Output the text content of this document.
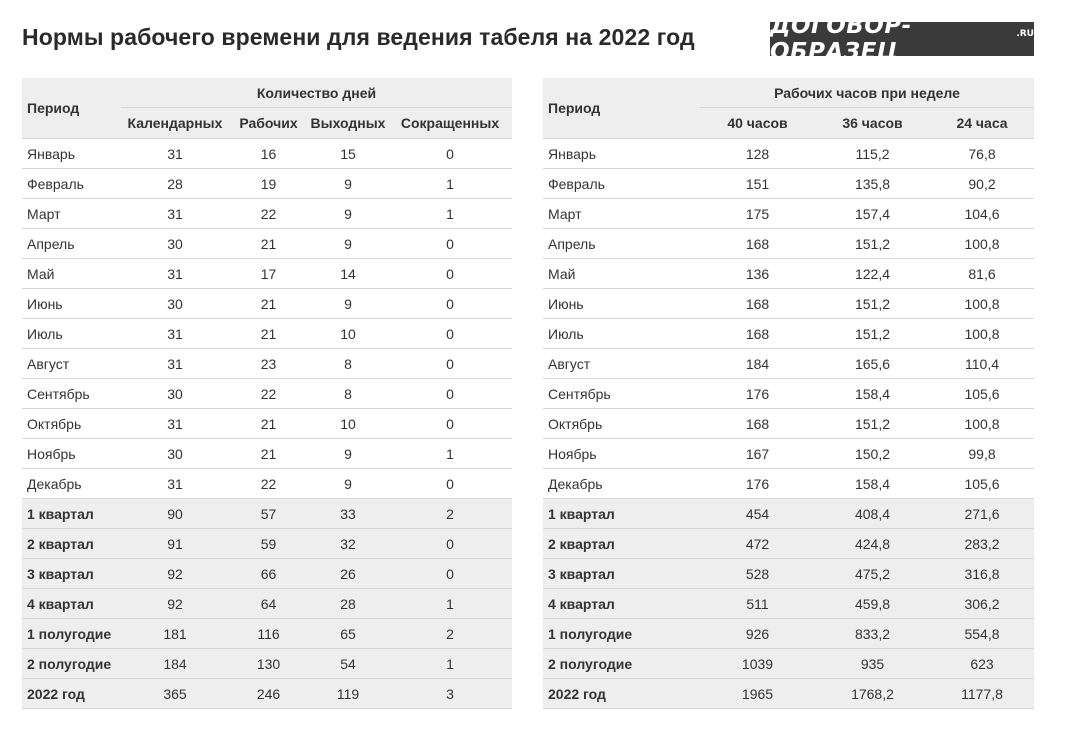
Нормы рабочего времени для ведения табеля на 2022 год	ДОГОВОР-ОБРАЗЕЦ
.RU
Период	Количество дней			
	Календарных	Рабочих	Выходных	Сокращенных
Январь	31	16	15	0
Февраль	28	19	9	1
Март	31	22	9	1
Апрель	30	21	9	0
Май	31	17	14	0
Июнь	30	21	9	0
Июль	31	21	10	0
Август	31	23	8	0
Сентябрь	30	22	8	0
Октябрь	31	21	10	0
Ноябрь	30	21	9	1
Декабрь	31	22	9	0
1 квартал	90	57	33	2
2 квартал	91	59	32	0
3 квартал	92	66	26	0
4 квартал	92	64	28	1
1 полугодие	181	116	65	2
2 полугодие	184	130	54	1
2022 год	365	246	119	3
Период	Рабочих часов при неделе		
	40 часов	36 часов	24 часа
Январь	128	115,2	76,8
Февраль	151	135,8	90,2
Март	175	157,4	104,6
Апрель	168	151,2	100,8
Май	136	122,4	81,6
Июнь	168	151,2	100,8
Июль	168	151,2	100,8
Август	184	165,6	110,4
Сентябрь	176	158,4	105,6
Октябрь	168	151,2	100,8
Ноябрь	167	150,2	99,8
Декабрь	176	158,4	105,6
1 квартал	454	408,4	271,6
2 квартал	472	424,8	283,2
3 квартал	528	475,2	316,8
4 квартал	511	459,8	306,2
1 полугодие	926	833,2	554,8
2 полугодие	1039	935	623
2022 год	1965	1768,2	1177,8
